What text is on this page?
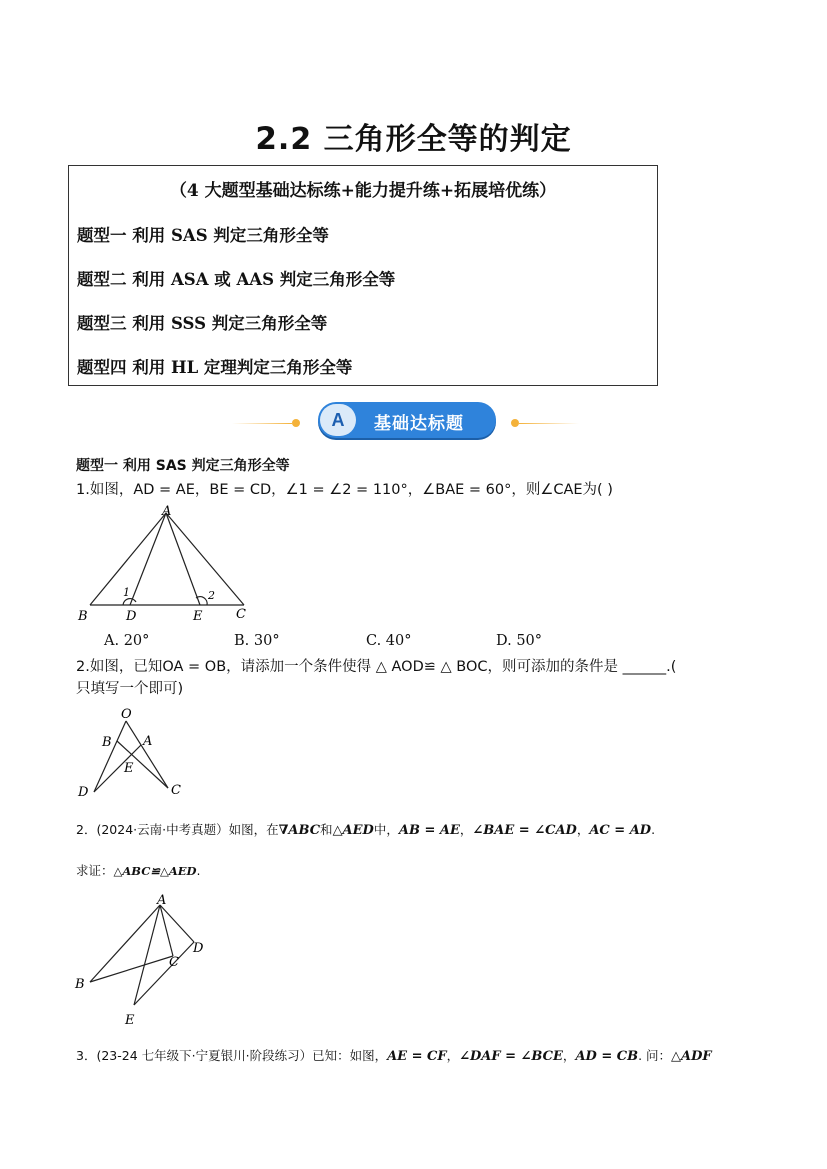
2.2 三角形全等的判定
（4 大题型基础达标练+能力提升练+拓展培优练）
题型一 利用 SAS 判定三角形全等
题型二 利用 ASA 或 AAS 判定三角形全等
题型三 利用 SSS 判定三角形全等
题型四 利用 HL 定理判定三角形全等
A	基础达标题
题型一 利用 SAS 判定三角形全等
1.如图，AD = AE，BE = CD，∠1 = ∠2 = 110°，∠BAE = 60°，则∠CAE为( )
A
B	D	E	C
1	2
A. 20°	B. 30°	C. 40°	D. 50°
2.如图，已知OA = OB，请添加一个条件使得 △ AOD≌ △ BOC，则可添加的条件是 ______.(
只填写一个即可)
O
B A
E
D	C
2．(2024·云南·中考真题）如图，在∇ABC和△AED中，AB = AE，∠BAE = ∠CAD，AC = AD.
求证：△ABC≌△AED.
A
B
C
D
E
3．(23-24 七年级下·宁夏银川·阶段练习）已知：如图，AE = CF，∠DAF = ∠BCE，AD = CB. 问：△ADF
